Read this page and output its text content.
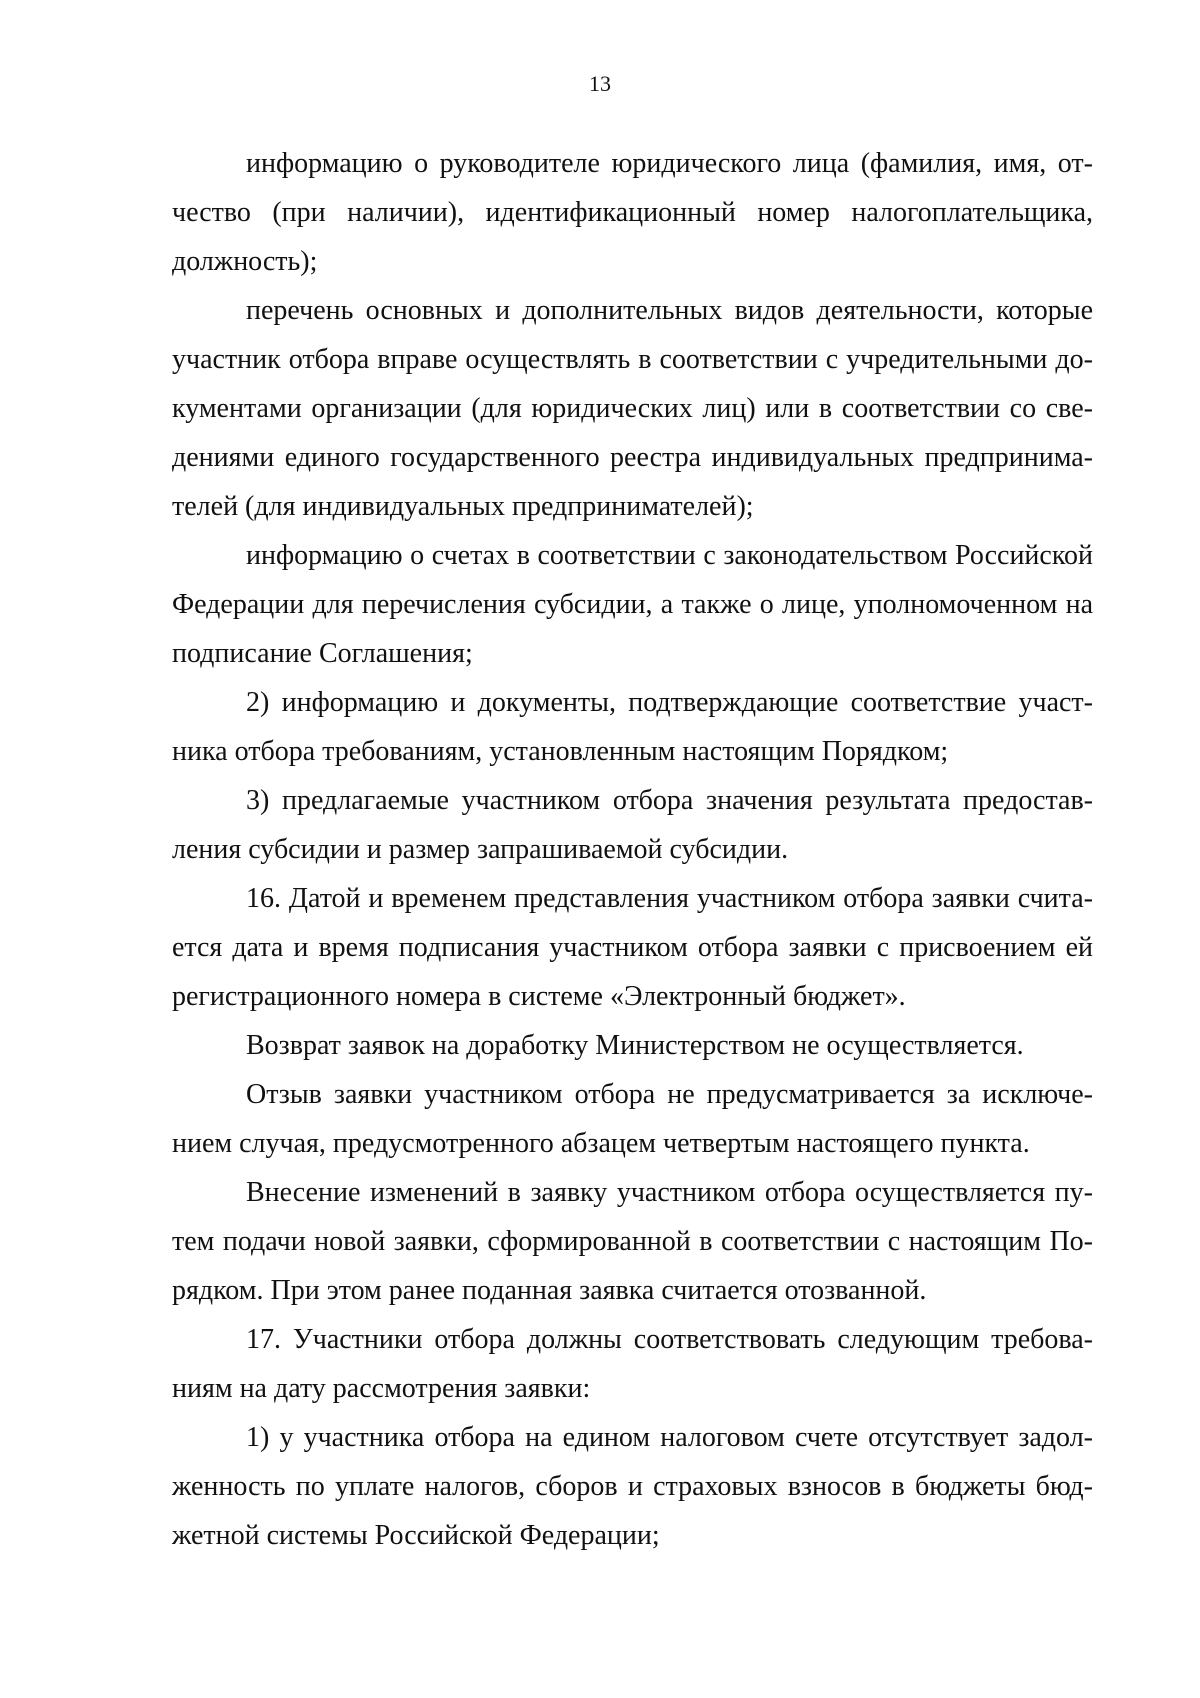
13

информацию о руководителе юридического лица (фамилия, имя, отчество (при наличии), идентификационный номер налогоплательщика, должность);

перечень основных и дополнительных видов деятельности, которые участник отбора вправе осуществлять в соответствии с учредительными документами организации (для юридических лиц) или в соответствии со сведениями единого государственного реестра индивидуальных предпринимателей (для индивидуальных предпринимателей);

информацию о счетах в соответствии с законодательством Российской Федерации для перечисления субсидии, а также о лице, уполномоченном на подписание Соглашения;

2) информацию и документы, подтверждающие соответствие участника отбора требованиям, установленным настоящим Порядком;

3) предлагаемые участником отбора значения результата предоставления субсидии и размер запрашиваемой субсидии.

16. Датой и временем представления участником отбора заявки считается дата и время подписания участником отбора заявки с присвоением ей регистрационного номера в системе «Электронный бюджет».

Возврат заявок на доработку Министерством не осуществляется.

Отзыв заявки участником отбора не предусматривается за исключением случая, предусмотренного абзацем четвертым настоящего пункта.

Внесение изменений в заявку участником отбора осуществляется путем подачи новой заявки, сформированной в соответствии с настоящим Порядком. При этом ранее поданная заявка считается отозванной.

17. Участники отбора должны соответствовать следующим требованиям на дату рассмотрения заявки:

1) у участника отбора на едином налоговом счете отсутствует задолженность по уплате налогов, сборов и страховых взносов в бюджеты бюджетной системы Российской Федерации;
